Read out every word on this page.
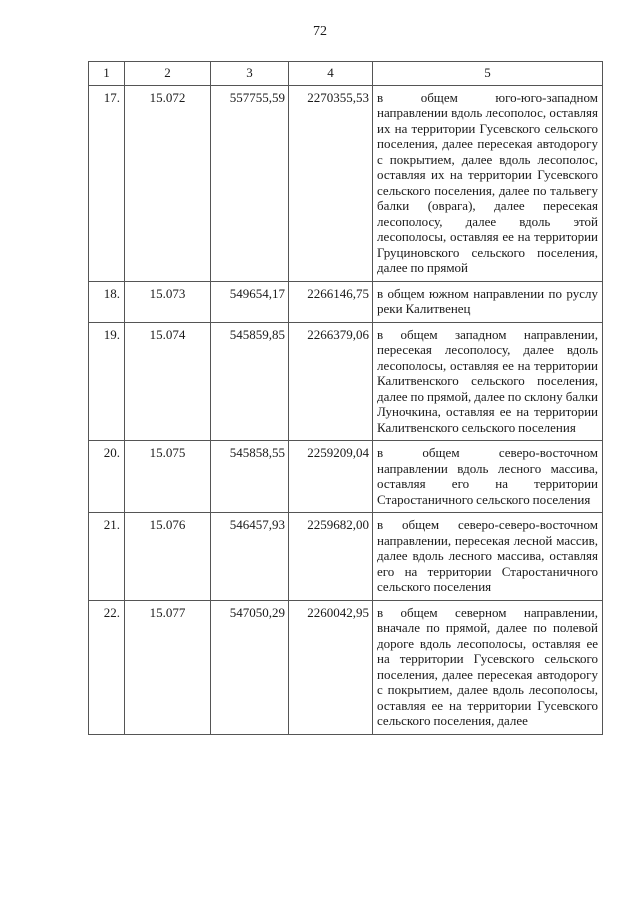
72
1	2	3	4	5
17.	15.072	557755,59	2270355,53	в общем юго-юго-западном направлении вдоль лесополос, оставляя их на территории Гусевского сельского поселения, далее пересекая автодорогу с покрытием, далее вдоль лесополос, оставляя их на территории Гусевского сельского поселения, далее по тальвегу балки (оврага), далее пересекая лесополосу, далее вдоль этой лесополосы, оставляя ее на территории Груциновского сельского поселения, далее по прямой
18.	15.073	549654,17	2266146,75	в общем южном направлении по руслу реки Калитвенец
19.	15.074	545859,85	2266379,06	в общем западном направлении, пересекая лесополосу, далее вдоль лесополосы, оставляя ее на территории Калитвенского сельского поселения, далее по прямой, далее по склону балки Луночкина, оставляя ее на территории Калитвенского сельского поселения
20.	15.075	545858,55	2259209,04	в общем северо-восточном направлении вдоль лесного массива, оставляя его на территории Старостаничного сельского поселения
21.	15.076	546457,93	2259682,00	в общем северо-северо-восточном направлении, пересекая лесной массив, далее вдоль лесного массива, оставляя его на территории Старостаничного сельского поселения
22.	15.077	547050,29	2260042,95	в общем северном направлении, вначале по прямой, далее по полевой дороге вдоль лесополосы, оставляя ее на территории Гусевского сельского поселения, далее пересекая автодорогу с покрытием, далее вдоль лесополосы, оставляя ее на территории Гусевского сельского поселения, далее
